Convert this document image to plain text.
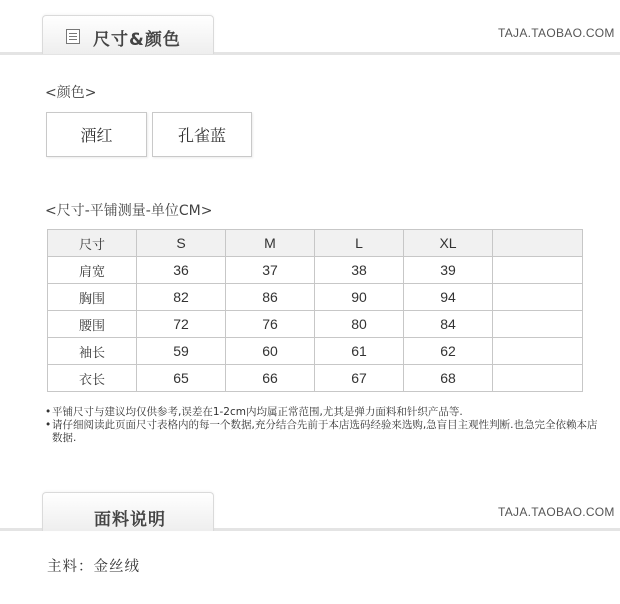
尺寸&颜色	TAJA.TAOBAO.COM
<颜色>
酒红	孔雀蓝
<尺寸-平铺测量-单位CM>
尺寸	S	M	L	XL	
肩宽	36	37	38	39	
胸围	82	86	90	94	
腰围	72	76	80	84	
袖长	59	60	61	62	
衣长	65	66	67	68	

• 平铺尺寸与建议均仅供参考,误差在1-2cm内均属正常范围,尤其是弹力面料和针织产品等.

• 请仔细阅读此页面尺寸表格内的每一个数据,充分结合先前于本店选码经验来选购,急盲目主观性判断.也急完全依赖本店数据.

面料说明	TAJA.TAOBAO.COM
主料：金丝绒
